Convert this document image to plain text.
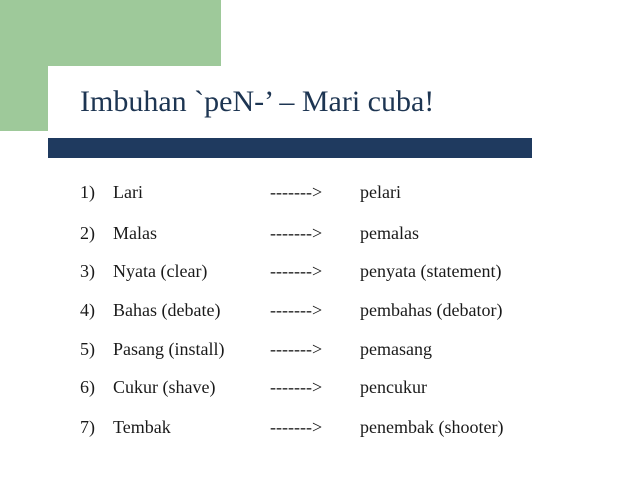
Imbuhan `peN-’ – Mari cuba!
1) Lari	-------> pelari
2) Malas	-------> pemalas
3) Nyata (clear)	-------> penyata (statement)
4) Bahas (debate)	-------> pembahas (debator)
5) Pasang (install)	-------> pemasang
6) Cukur (shave)	-------> pencukur
7) Tembak	-------> penembak (shooter)
